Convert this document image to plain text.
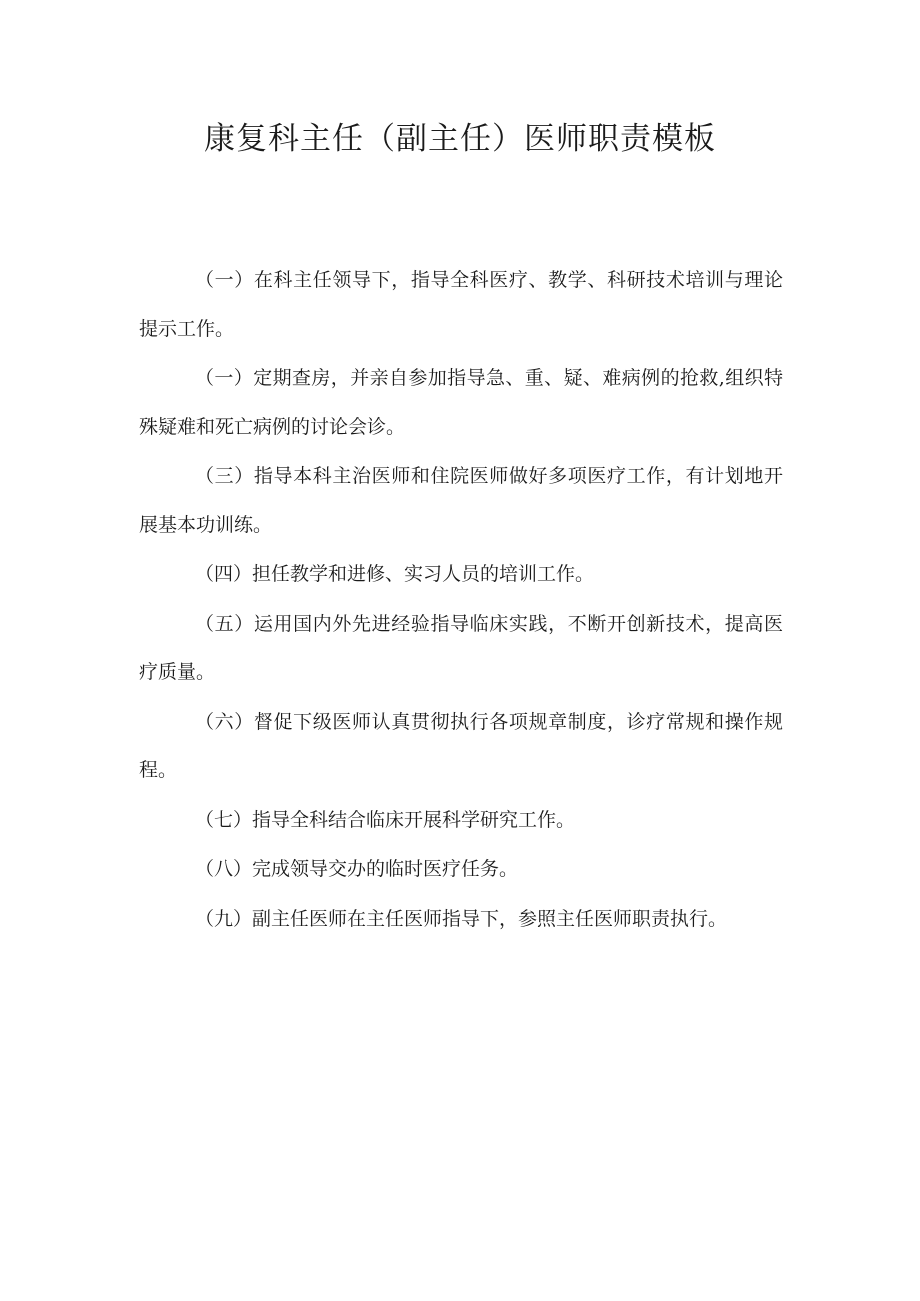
康复科主任（副主任）医师职责模板

（一）在科主任领导下，指导全科医疗、教学、科研技术培训与理论提示工作。

（一）定期查房，并亲自参加指导急、重、疑、难病例的抢救,组织特殊疑难和死亡病例的讨论会诊。

（三）指导本科主治医师和住院医师做好多项医疗工作，有计划地开展基本功训练。

（四）担任教学和进修、实习人员的培训工作。

（五）运用国内外先进经验指导临床实践，不断开创新技术，提高医疗质量。

（六）督促下级医师认真贯彻执行各项规章制度，诊疗常规和操作规程。

（七）指导全科结合临床开展科学研究工作。

（八）完成领导交办的临时医疗任务。

（九）副主任医师在主任医师指导下，参照主任医师职责执行。
